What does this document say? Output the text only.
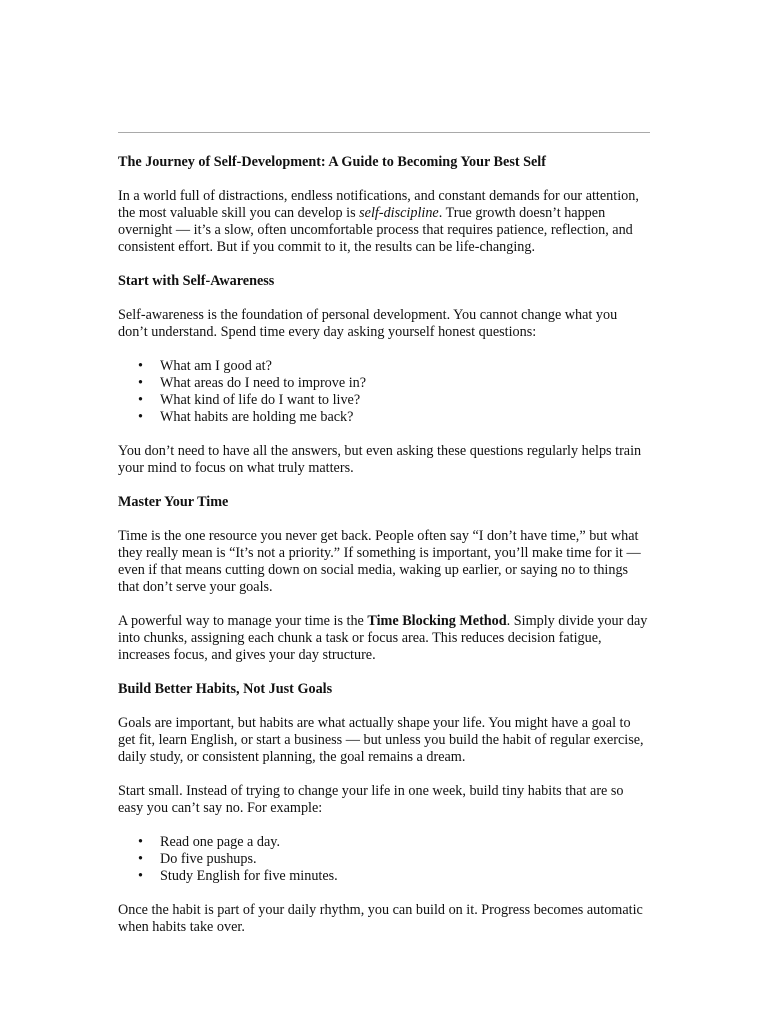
The Journey of Self-Development: A Guide to Becoming Your Best Self

In a world full of distractions, endless notifications, and constant demands for our attention, the most valuable skill you can develop is self-discipline. True growth doesn’t happen overnight — it’s a slow, often uncomfortable process that requires patience, reflection, and consistent effort. But if you commit to it, the results can be life-changing.

Start with Self-Awareness

Self-awareness is the foundation of personal development. You cannot change what you don’t understand. Spend time every day asking yourself honest questions:

• What am I good at?
• What areas do I need to improve in?
• What kind of life do I want to live?
• What habits are holding me back?

You don’t need to have all the answers, but even asking these questions regularly helps train your mind to focus on what truly matters.

Master Your Time

Time is the one resource you never get back. People often say “I don’t have time,” but what they really mean is “It’s not a priority.” If something is important, you’ll make time for it — even if that means cutting down on social media, waking up earlier, or saying no to things that don’t serve your goals.

A powerful way to manage your time is the Time Blocking Method. Simply divide your day into chunks, assigning each chunk a task or focus area. This reduces decision fatigue, increases focus, and gives your day structure.

Build Better Habits, Not Just Goals

Goals are important, but habits are what actually shape your life. You might have a goal to get fit, learn English, or start a business — but unless you build the habit of regular exercise, daily study, or consistent planning, the goal remains a dream.

Start small. Instead of trying to change your life in one week, build tiny habits that are so easy you can’t say no. For example:

• Read one page a day.
• Do five pushups.
• Study English for five minutes.

Once the habit is part of your daily rhythm, you can build on it. Progress becomes automatic when habits take over.
